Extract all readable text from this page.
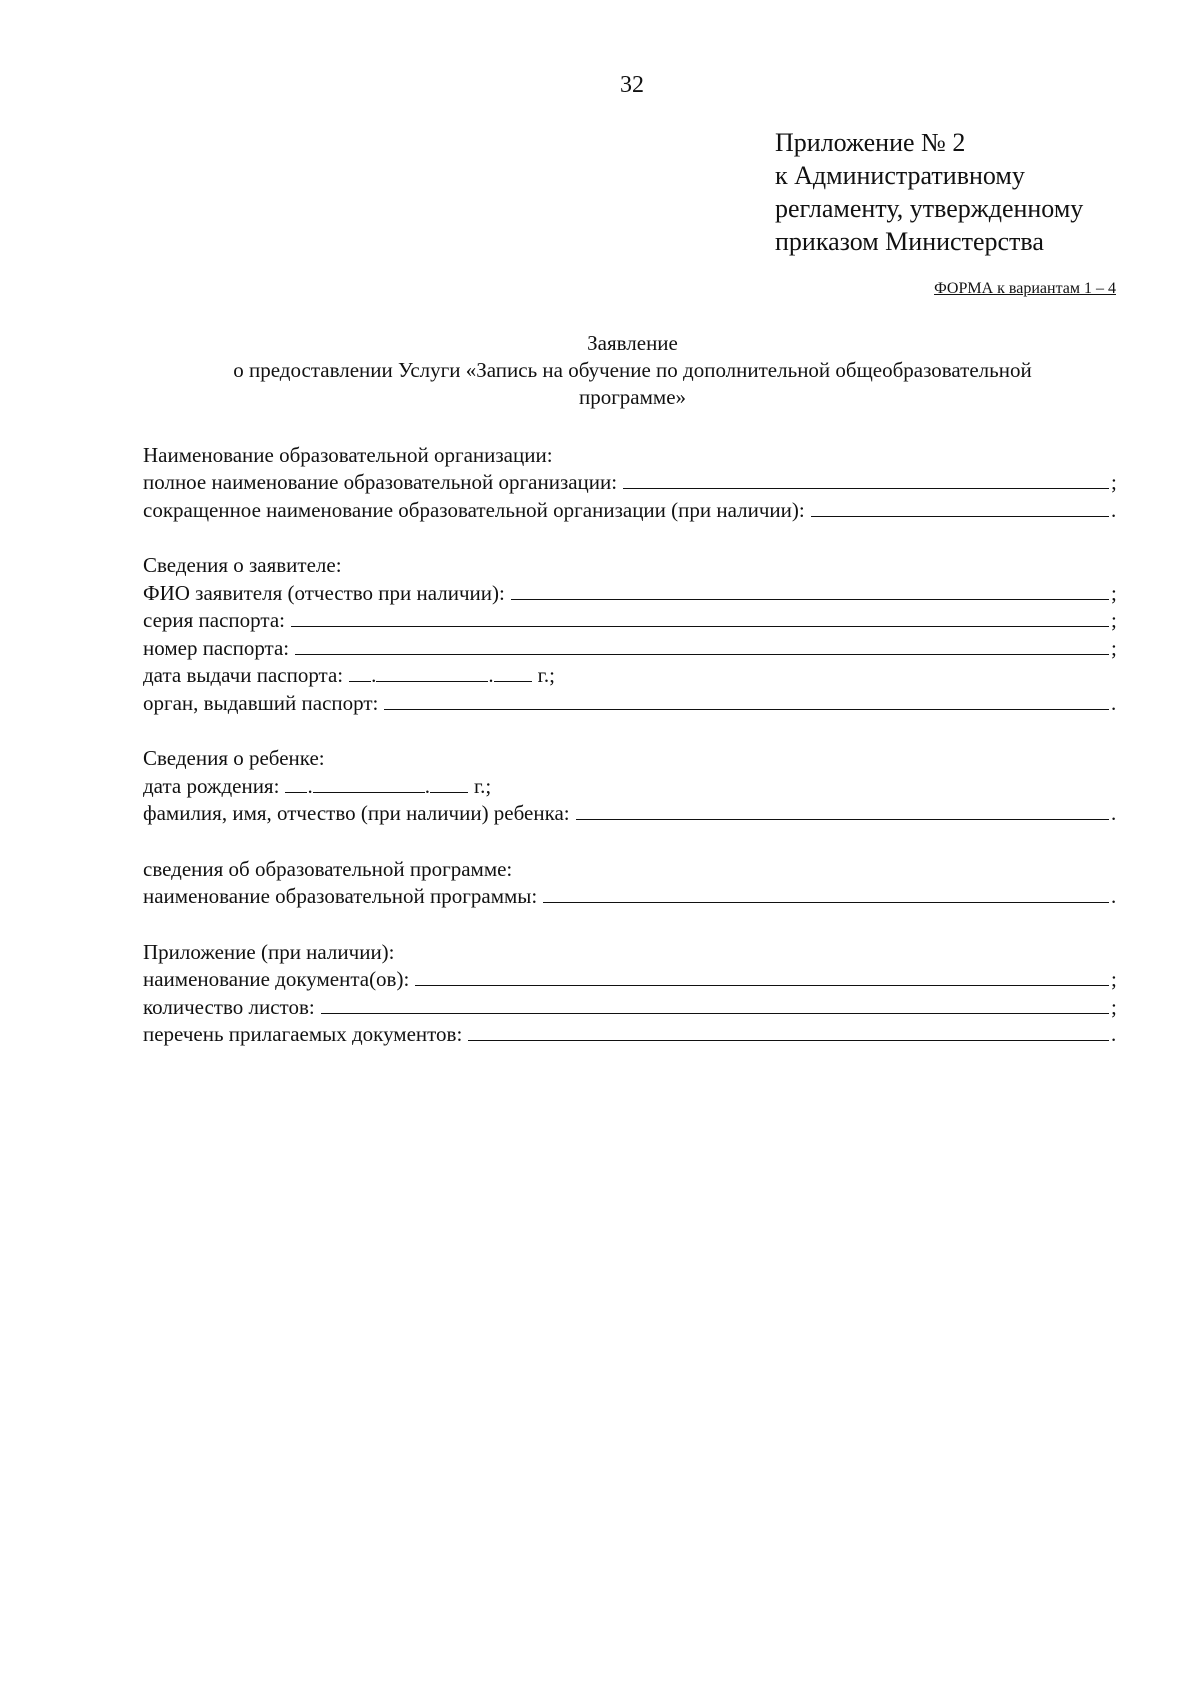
32
Приложение № 2
к Административному
регламенту, утвержденному
приказом Министерства
ФОРМА к вариантам 1 – 4
Заявление
о предоставлении Услуги «Запись на обучение по дополнительной общеобразовательной
программе»
Наименование образовательной организации:
полное наименование образовательной организации:	;
сокращенное наименование образовательной организации (при наличии):	.
Сведения о заявителе:
ФИО заявителя (отчество при наличии):	;
серия паспорта:	;
номер паспорта:	;
дата выдачи паспорта: .	. г.;
орган, выдавший паспорт:	.
Сведения о ребенке:
дата рождения: .	. г.;
фамилия, имя, отчество (при наличии) ребенка:	.
сведения об образовательной программе:
наименование образовательной программы:	.
Приложение (при наличии):
наименование документа(ов):	;
количество листов:	;
перечень прилагаемых документов:	.
